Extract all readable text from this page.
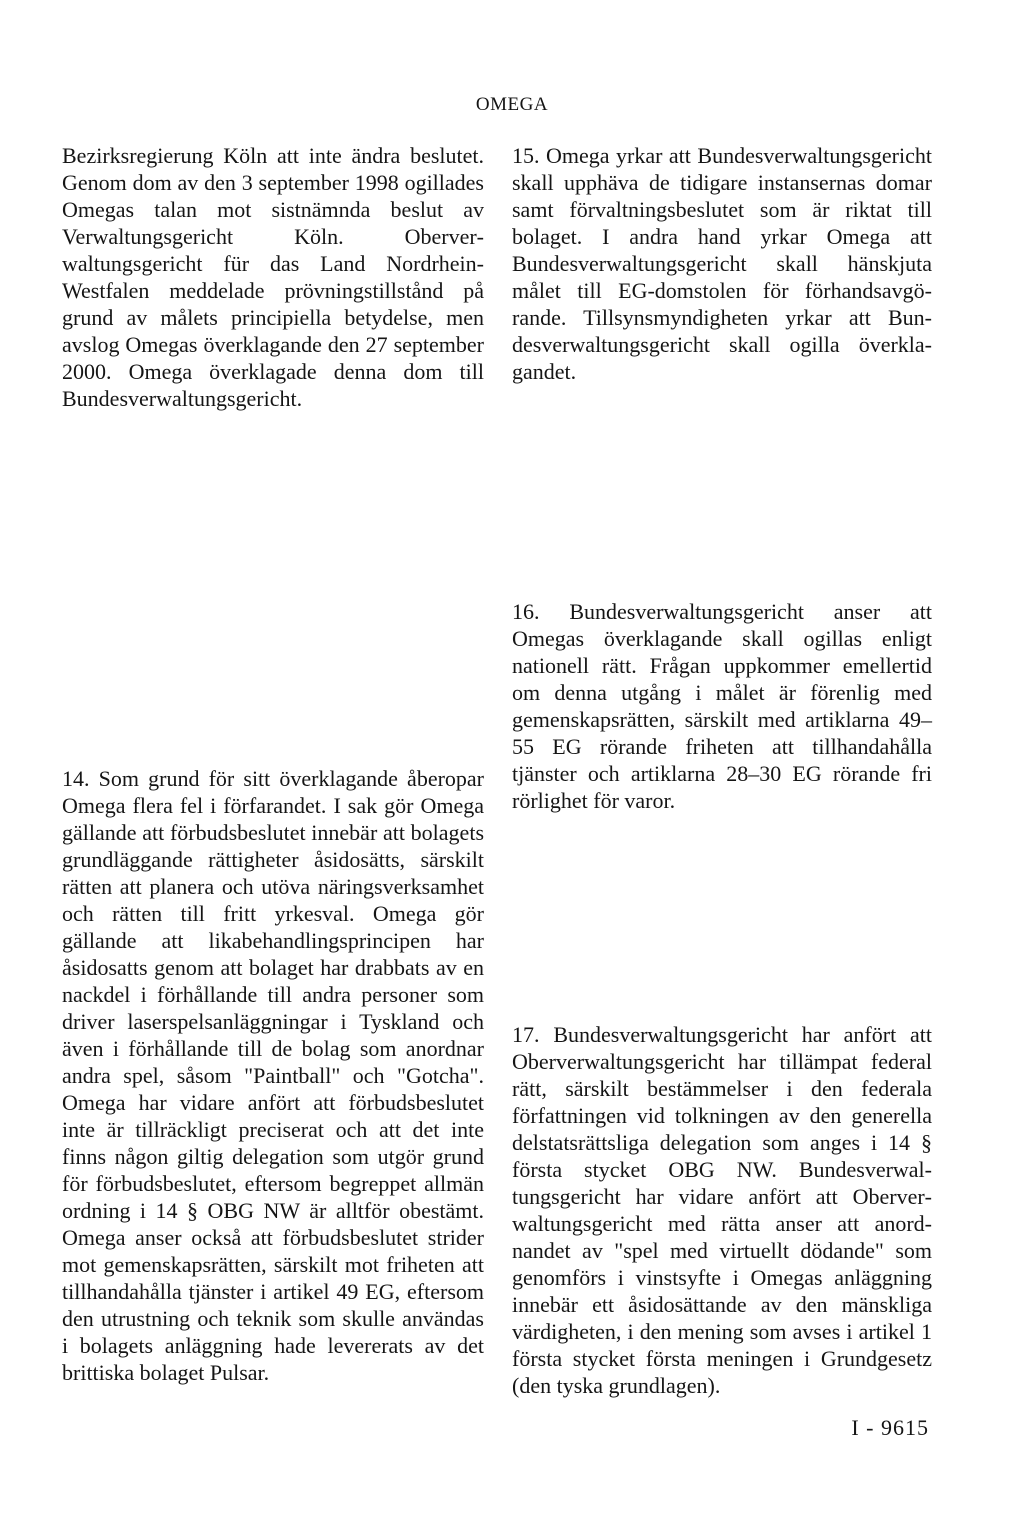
OMEGA

Bezirksregierung Köln att inte ändra beslutet. Genom dom av den 3 september 1998 ogillades Omegas talan mot sistnämnda beslut av Verwaltungsgericht Köln. Oberverwaltungsgericht für das Land Nordrhein-Westfalen meddelade prövningstillstånd på grund av målets principiella betydelse, men avslog Omegas överklagande den 27 september 2000. Omega överklagade denna dom till Bundesverwaltungsgericht.

14. Som grund för sitt överklagande åberopar Omega flera fel i förfarandet. I sak gör Omega gällande att förbudsbeslutet innebär att bolagets grundläggande rättigheter åsidosätts, särskilt rätten att planera och utöva näringsverksamhet och rätten till fritt yrkesval. Omega gör gällande att likabehandlingsprincipen har åsidosatts genom att bolaget har drabbats av en nackdel i förhållande till andra personer som driver laserspelsanläggningar i Tyskland och även i förhållande till de bolag som anordnar andra spel, såsom "Paintball" och "Gotcha". Omega har vidare anfört att förbudsbeslutet inte är tillräckligt preciserat och att det inte finns någon giltig delegation som utgör grund för förbudsbeslutet, eftersom begreppet allmän ordning i 14 § OBG NW är alltför obestämt. Omega anser också att förbudsbeslutet strider mot gemenskapsrätten, särskilt mot friheten att tillhandahålla tjänster i artikel 49 EG, eftersom den utrustning och teknik som skulle användas i bolagets anläggning hade levererats av det brittiska bolaget Pulsar.

15. Omega yrkar att Bundesverwaltungsgericht skall upphäva de tidigare instansernas domar samt förvaltningsbeslutet som är riktat till bolaget. I andra hand yrkar Omega att Bundesverwaltungsgericht skall hänskjuta målet till EG-domstolen för förhandsavgörande. Tillsynsmyndigheten yrkar att Bundesverwaltungsgericht skall ogilla överklagandet.

16. Bundesverwaltungsgericht anser att Omegas överklagande skall ogillas enligt nationell rätt. Frågan uppkommer emellertid om denna utgång i målet är förenlig med gemenskapsrätten, särskilt med artiklarna 49–55 EG rörande friheten att tillhandahålla tjänster och artiklarna 28–30 EG rörande fri rörlighet för varor.

17. Bundesverwaltungsgericht har anfört att Oberverwaltungsgericht har tillämpat federal rätt, särskilt bestämmelser i den federala författningen vid tolkningen av den generella delstatsrättsliga delegation som anges i 14 § första stycket OBG NW. Bundesverwaltungsgericht har vidare anfört att Oberverwaltungsgericht med rätta anser att anordnandet av "spel med virtuellt dödande" som genomförs i vinstsyfte i Omegas anläggning innebär ett åsidosättande av den mänskliga värdigheten, i den mening som avses i artikel 1 första stycket första meningen i Grundgesetz (den tyska grundlagen).

I - 9615
